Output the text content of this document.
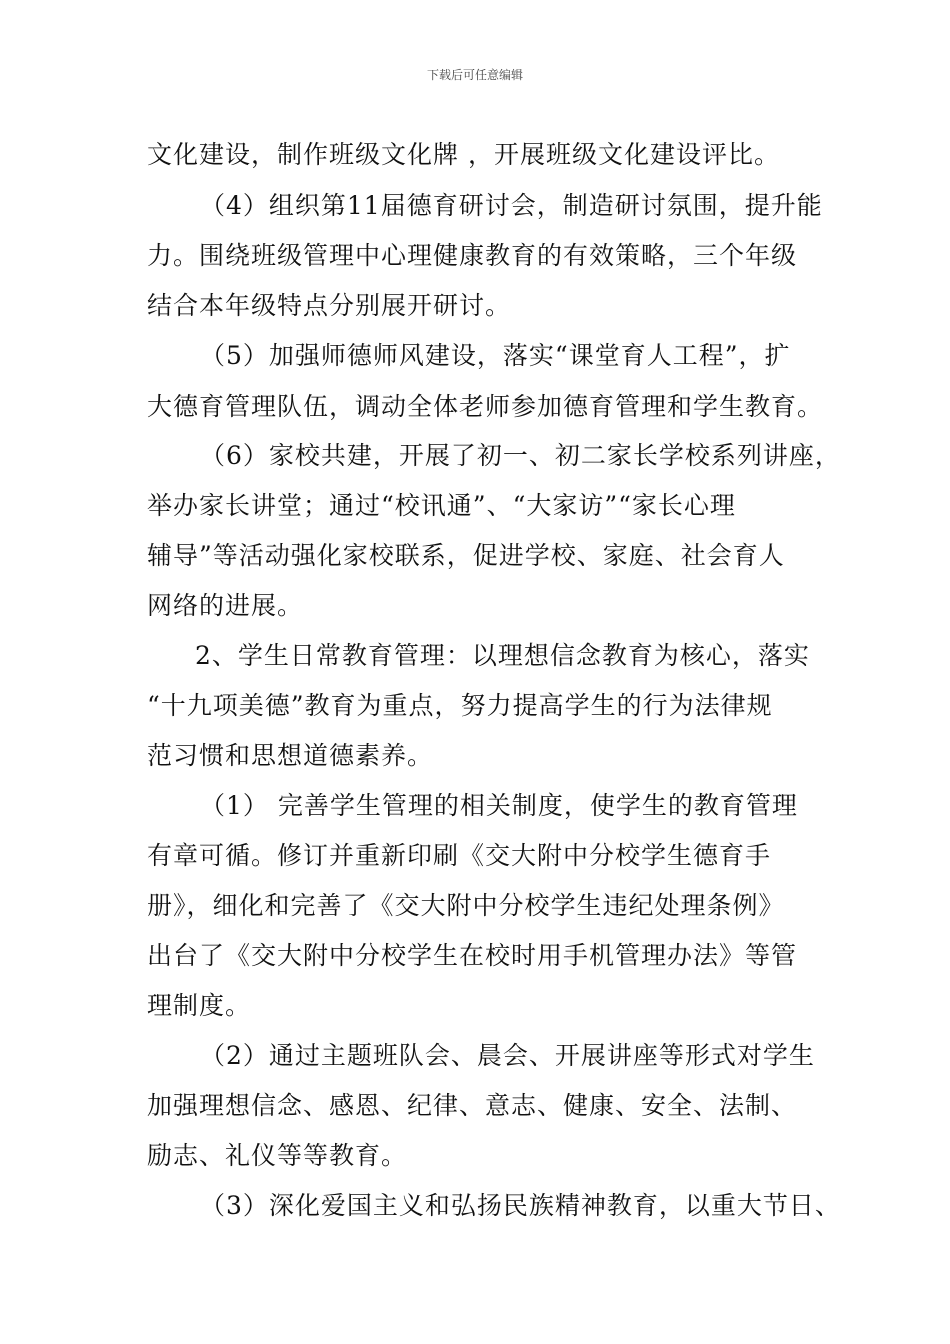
下载后可任意编辑
文化建设，制作班级文化牌 ，开展班级文化建设评比。
（4）组织第11届德育研讨会，制造研讨氛围，提升能
力。围绕班级管理中心理健康教育的有效策略，三个年级
结合本年级特点分别展开研讨。
（5）加强师德师风建设，落实“课堂育人工程”，扩
大德育管理队伍，调动全体老师参加德育管理和学生教育。
（6）家校共建，开展了初一、初二家长学校系列讲座，
举办家长讲堂；通过“校讯通”、“大家访”“家长心理
辅导”等活动强化家校联系，促进学校、家庭、社会育人
网络的进展。
2、学生日常教育管理：以理想信念教育为核心，落实
“十九项美德”教育为重点，努力提高学生的行为法律规
范习惯和思想道德素养。
（1） 完善学生管理的相关制度，使学生的教育管理
有章可循。修订并重新印刷《交大附中分校学生德育手
册》，细化和完善了《交大附中分校学生违纪处理条例》
出台了《交大附中分校学生在校时用手机管理办法》等管
理制度。
（2）通过主题班队会、晨会、开展讲座等形式对学生
加强理想信念、感恩、纪律、意志、健康、安全、法制、
励志、礼仪等等教育。
（3）深化爱国主义和弘扬民族精神教育，以重大节日、
